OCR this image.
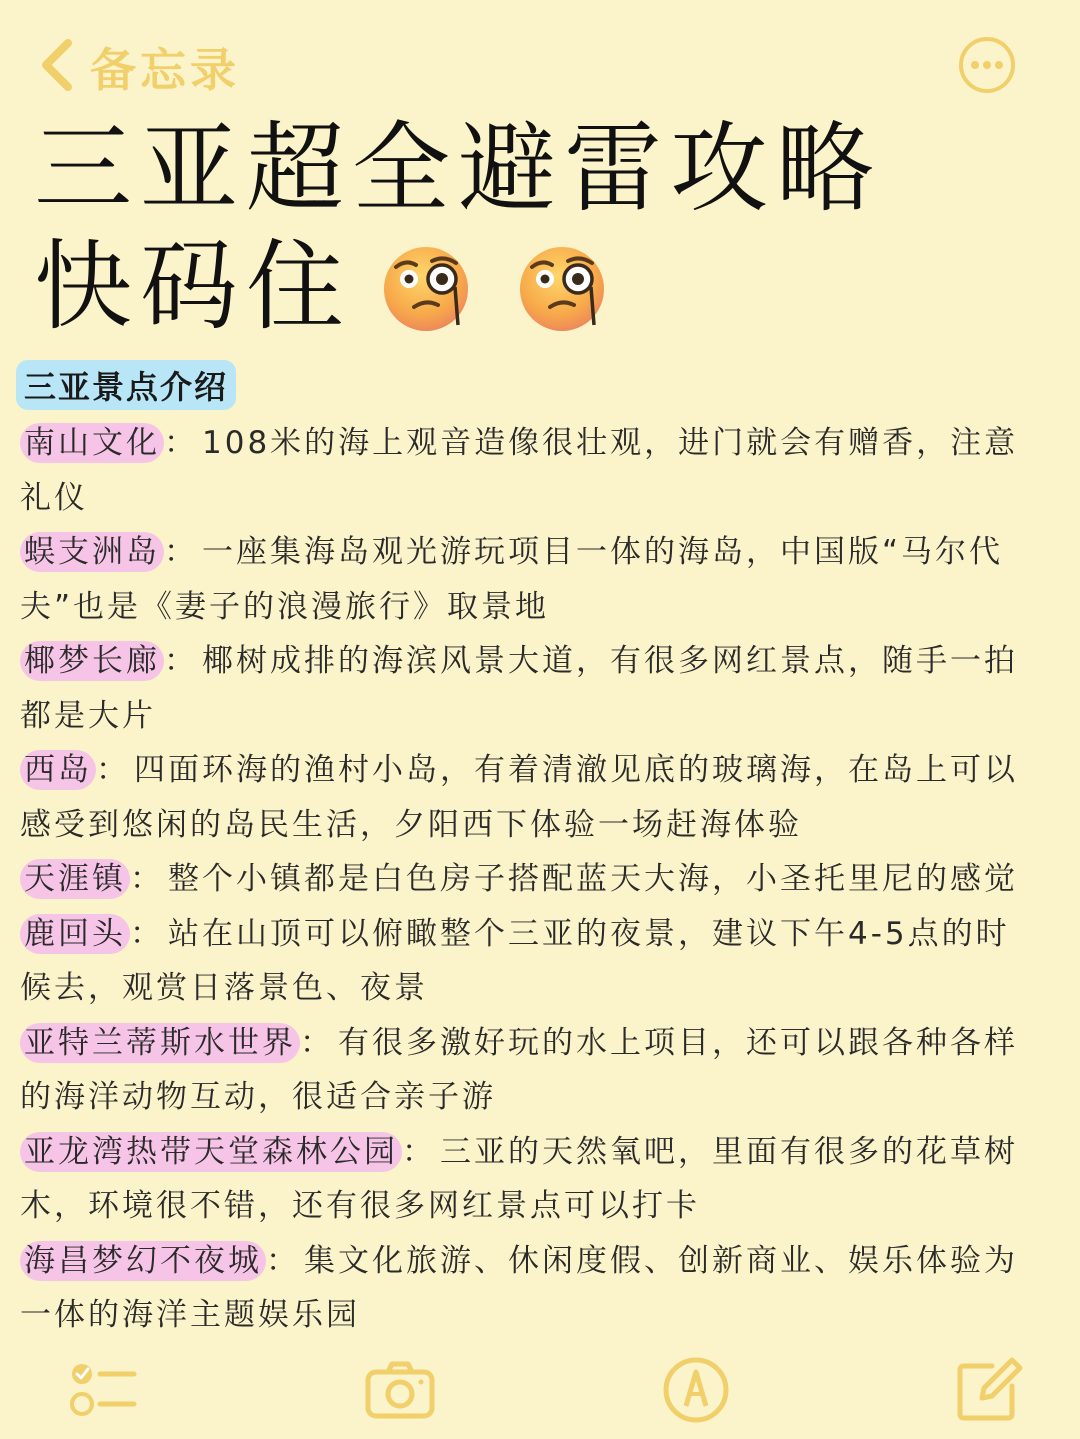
备忘录
三亚超全避雷攻略
快码住
三亚景点介绍

南山文化 ： 108米的海上观音造像很壮观，进门就会有赠香，注意礼仪

蜈支洲岛 ： 一座集海岛观光游玩项目一体的海岛，中国版“马尔代夫”也是《妻子的浪漫旅行》取景地

椰梦长廊 ： 椰树成排的海滨风景大道，有很多网红景点，随手一拍都是大片

西岛 ： 四面环海的渔村小岛，有着清澈见底的玻璃海，在岛上可以感受到悠闲的岛民生活，夕阳西下体验一场赶海体验

天涯镇 ： 整个小镇都是白色房子搭配蓝天大海，小圣托里尼的感觉

鹿回头 ： 站在山顶可以俯瞰整个三亚的夜景，建议下午4-5点的时候去，观赏日落景色、夜景

亚特兰蒂斯水世界 ： 有很多激好玩的水上项目，还可以跟各种各样的海洋动物互动，很适合亲子游

亚龙湾热带天堂森林公园 ： 三亚的天然氧吧，里面有很多的花草树木，环境很不错，还有很多网红景点可以打卡

海昌梦幻不夜城 ： 集文化旅游、休闲度假、创新商业、娱乐体验为一体的海洋主题娱乐园
